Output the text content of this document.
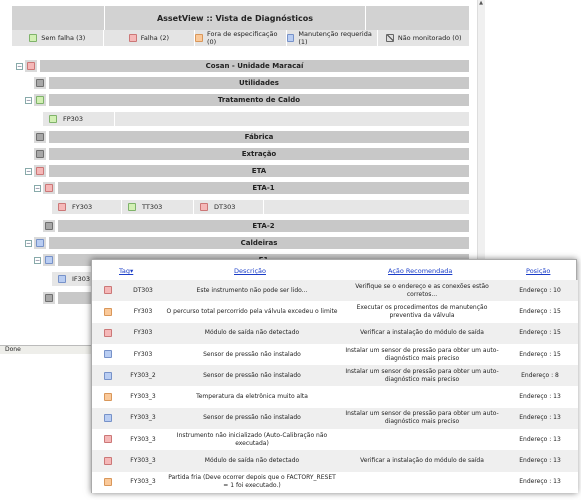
AssetView :: Vista de Diagnósticos
Sem falha (3)	Falha (2)	Fora de especificação (0)
Manutenção requerida (1)	Não monitorado (0)
−	Cosan - Unidade Maracaí
Utilidades
−	Tratamento de Caldo
FP303
Fábrica
Extração
−	ETA
−	ETA-1
FY303	TT303	DT303
ETA-2
−	Caldeiras
−
IF303
▲
Done
Tag▾	Descrição	Ação Recomendada	Posição
	DT303	Este instrumento não pode ser lido...	Verifique se o endereço e as conexões estão corretos...	Endereço : 10
	FY303	O percurso total percorrido pela válvula excedeu o limite	Executar os procedimentos de manutenção preventiva da válvula	Endereço : 15
	FY303	Módulo de saída não detectado	Verificar a instalação do módulo de saída	Endereço : 15
	FY303	Sensor de pressão não instalado	Instalar um sensor de pressão para obter um auto-diagnóstico mais preciso	Endereço : 15
	FY303_2	Sensor de pressão não instalado	Instalar um sensor de pressão para obter um auto-diagnóstico mais preciso	Endereço : 8
	FY303_3	Temperatura da eletrônica muito alta		Endereço : 13
	FY303_3	Sensor de pressão não instalado	Instalar um sensor de pressão para obter um auto-diagnóstico mais preciso	Endereço : 13
	FY303_3	Instrumento não inicializado (Auto-Calibração não executada)		Endereço : 13
	FY303_3	Módulo de saída não detectado	Verificar a instalação do módulo de saída	Endereço : 13
	FY303_3	Partida fria (Deve ocorrer depois que o FACTORY_RESET = 1 foi executado.)		Endereço : 13
